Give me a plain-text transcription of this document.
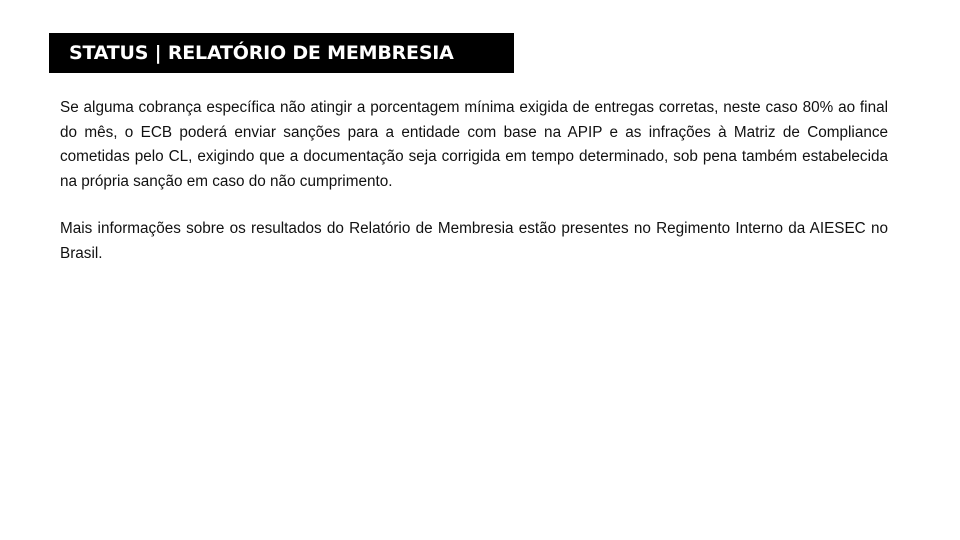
STATUS | RELATÓRIO DE MEMBRESIA

Se alguma cobrança específica não atingir a porcentagem mínima exigida de entregas corretas, neste caso 80% ao final do mês, o ECB poderá enviar sanções para a entidade com base na APIP e as infrações à Matriz de Compliance cometidas pelo CL, exigindo que a documentação seja corrigida em tempo determinado, sob pena também estabelecida na própria sanção em caso do não cumprimento.

Mais informações sobre os resultados do Relatório de Membresia estão presentes no Regimento Interno da AIESEC no Brasil.
